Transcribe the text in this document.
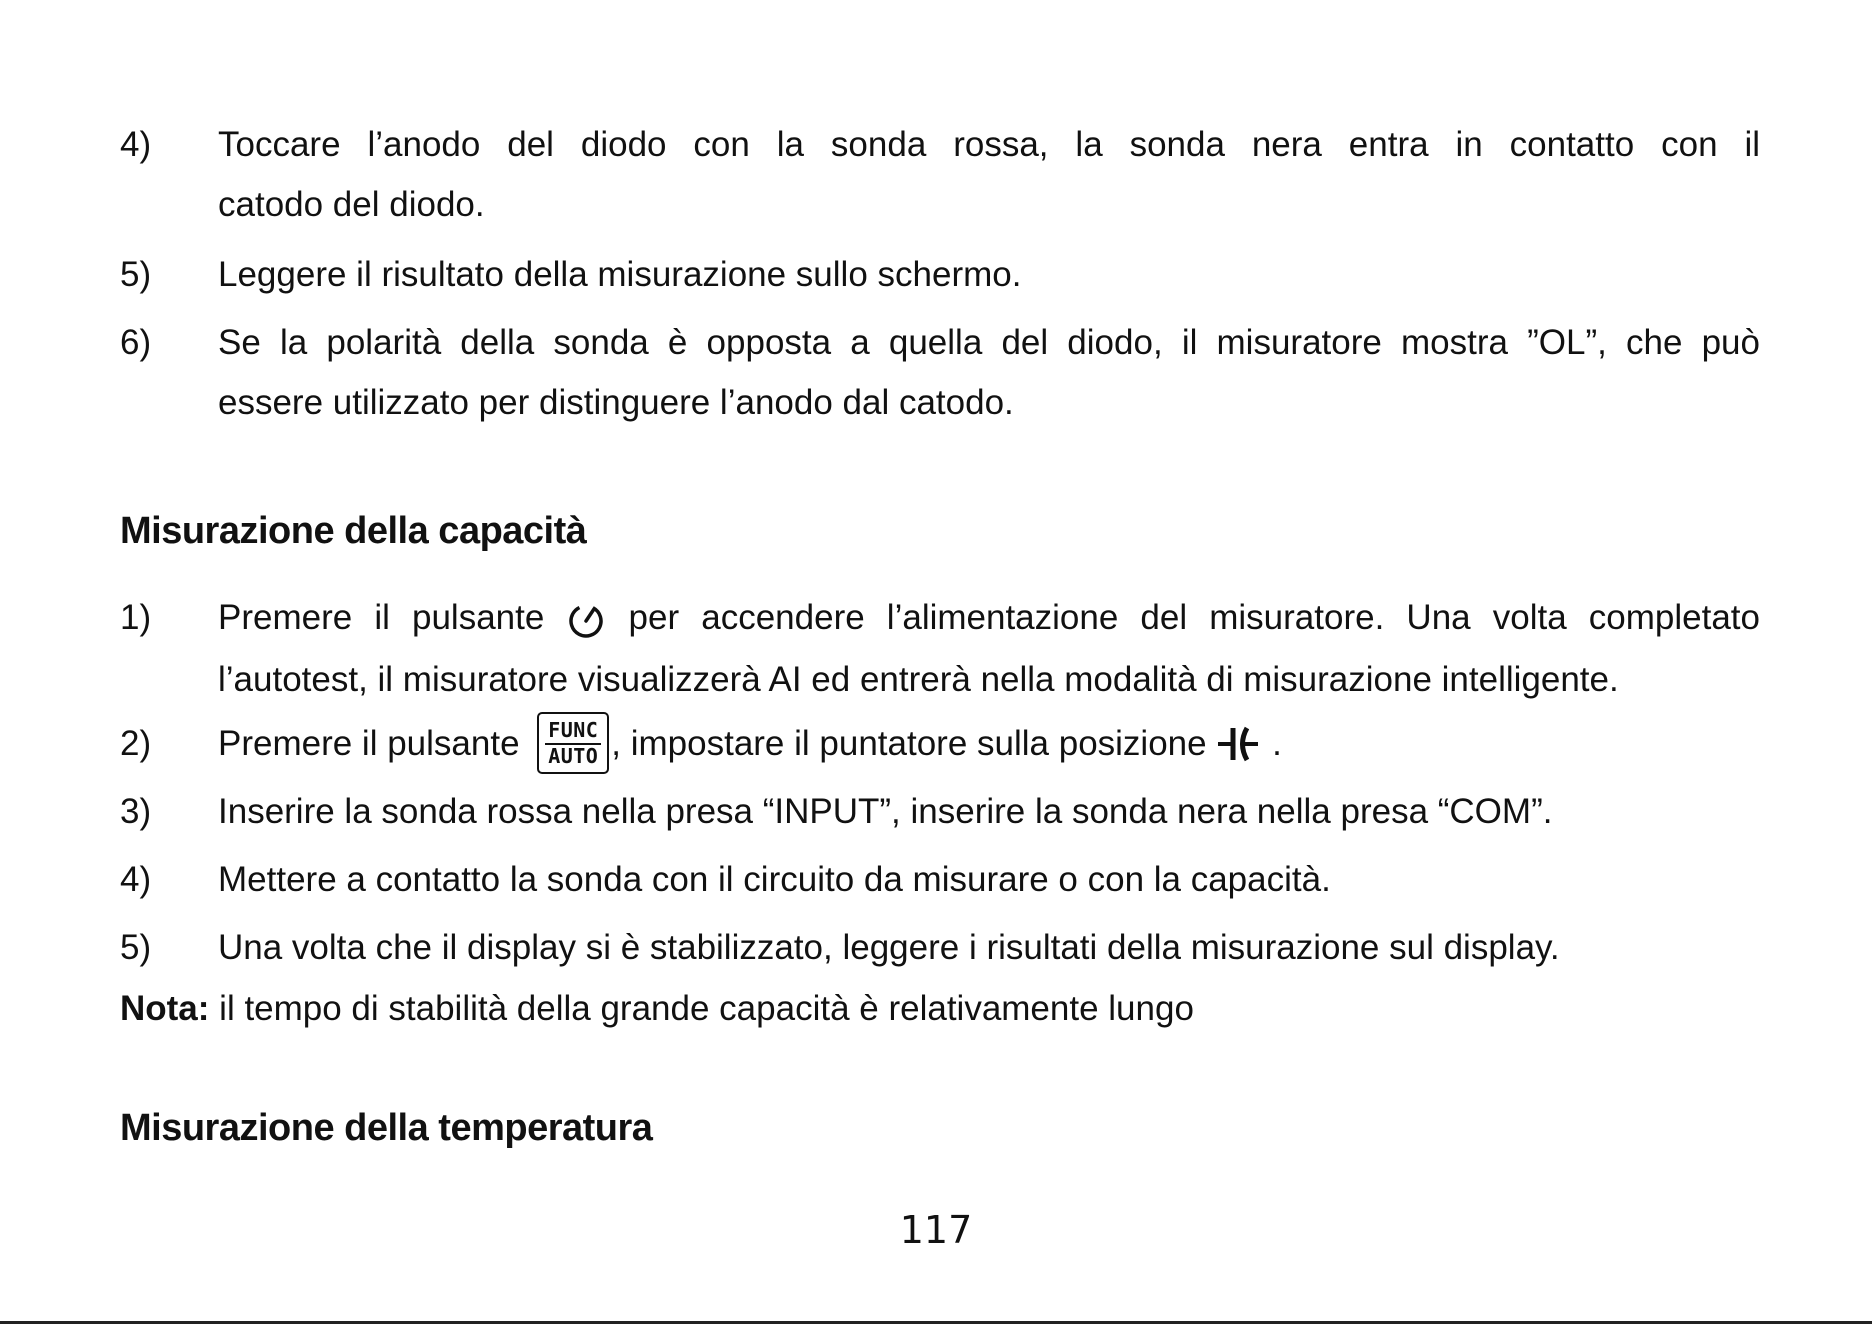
4)	Toccare l’anodo del diodo con la sonda rossa, la sonda nera entra in contatto con il
catodo del diodo.
5)	Leggere il risultato della misurazione sullo schermo.
6)	Se la polarità della sonda è opposta a quella del diodo, il misuratore mostra ”OL”, che può
essere utilizzato per distinguere l’anodo dal catodo.
Misurazione della capacità
1)	Premere il pulsante  per accendere l’alimentazione del misuratore. Una volta completato
l’autotest, il misuratore visualizzerà AI ed entrerà nella modalità di misurazione intelligente.
2)	Premere il pulsante	FUNC
AUTO , impostare il puntatore sulla posizione  .
3)	Inserire la sonda rossa nella presa “INPUT”, inserire la sonda nera nella presa “COM”.
4)	Mettere a contatto la sonda con il circuito da misurare o con la capacità.
5)	Una volta che il display si è stabilizzato, leggere i risultati della misurazione sul display.
Nota: il tempo di stabilità della grande capacità è relativamente lungo
Misurazione della temperatura
117
